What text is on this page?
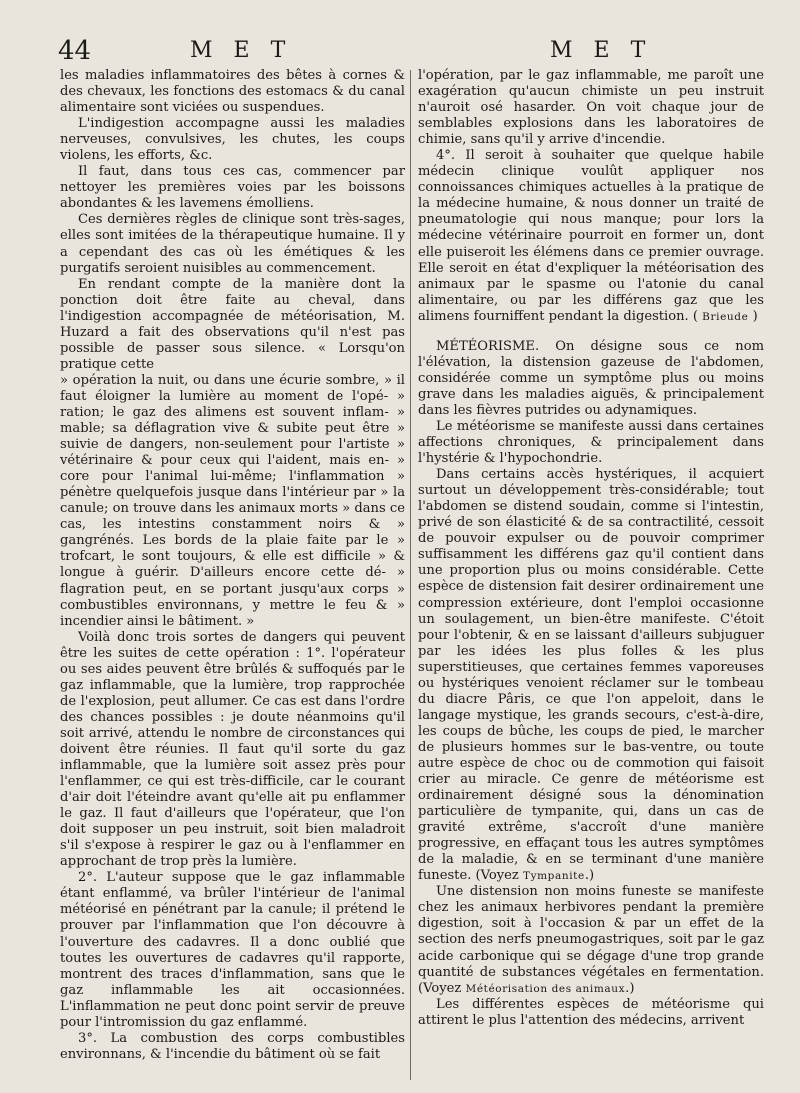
44	M E T	M E T

les maladies inflammatoires des bêtes à cornes & des chevaux, les fonctions des estomacs & du canal alimentaire sont viciées ou suspendues.

L'indigestion accompagne aussi les maladies nerveuses, convulsives, les chutes, les coups violens, les efforts, &c.

Il faut, dans tous ces cas, commencer par nettoyer les premières voies par les boissons abondantes & les lavemens émolliens.

Ces dernières règles de clinique sont très-sages, elles sont imitées de la thérapeutique humaine. Il y a cependant des cas où les émétiques & les purgatifs seroient nuisibles au commencement.

En rendant compte de la manière dont la ponction doit être faite au cheval, dans l'indigestion accompagnée de météorisation, M. Huzard a fait des observations qu'il n'est pas possible de passer sous silence. « Lorsqu'on pratique cette

» opération la nuit, ou dans une écurie sombre, » il faut éloigner la lumière au moment de l'opé- » ration; le gaz des alimens est souvent inflam- » mable; sa déflagration vive & subite peut être » suivie de dangers, non-seulement pour l'artiste » vétérinaire & pour ceux qui l'aident, mais en- » core pour l'animal lui-même; l'inflammation » pénètre quelquefois jusque dans l'intérieur par » la canule; on trouve dans les animaux morts » dans ce cas, les intestins constamment noirs & » gangrénés. Les bords de la plaie faite par le » trofcart, le sont toujours, & elle est difficile » & longue à guérir. D'ailleurs encore cette dé- » flagration peut, en se portant jusqu'aux corps » combustibles environnans, y mettre le feu & » incendier ainsi le bâtiment. »

Voilà donc trois sortes de dangers qui peuvent être les suites de cette opération : 1°. l'opérateur ou ses aides peuvent être brûlés & suffoqués par le gaz inflammable, que la lumière, trop rapprochée de l'explosion, peut allumer. Ce cas est dans l'ordre des chances possibles : je doute néanmoins qu'il soit arrivé, attendu le nombre de circonstances qui doivent être réunies. Il faut qu'il sorte du gaz inflammable, que la lumière soit assez près pour l'enflammer, ce qui est très-difficile, car le courant d'air doit l'éteindre avant qu'elle ait pu enflammer le gaz. Il faut d'ailleurs que l'opérateur, que l'on doit supposer un peu instruit, soit bien maladroit s'il s'expose à respirer le gaz ou à l'enflammer en approchant de trop près la lumière.

2°. L'auteur suppose que le gaz inflammable étant enflammé, va brûler l'intérieur de l'animal météorisé en pénétrant par la canule; il prétend le prouver par l'inflammation que l'on découvre à l'ouverture des cadavres. Il a donc oublié que toutes les ouvertures de cadavres qu'il rapporte, montrent des traces d'inflammation, sans que le gaz inflammable les ait occasionnées. L'inflammation ne peut donc point servir de preuve pour l'intromission du gaz enflammé.

3°. La combustion des corps combustibles environnans, & l'incendie du bâtiment où se fait

l'opération, par le gaz inflammable, me paroît une exagération qu'aucun chimiste un peu instruit n'auroit osé hasarder. On voit chaque jour de semblables explosions dans les laboratoires de chimie, sans qu'il y arrive d'incendie.

4°. Il seroit à souhaiter que quelque habile médecin clinique voulût appliquer nos connoissances chimiques actuelles à la pratique de la médecine humaine, & nous donner un traité de pneumatologie qui nous manque; pour lors la médecine vétérinaire pourroit en former un, dont elle puiseroit les élémens dans ce premier ouvrage. Elle seroit en état d'expliquer la météorisation des animaux par le spasme ou l'atonie du canal alimentaire, ou par les différens gaz que les alimens fourniffent pendant la digestion. ( Brieude )

MÉTÉORISME. On désigne sous ce nom l'élévation, la distension gazeuse de l'abdomen, considérée comme un symptôme plus ou moins grave dans les maladies aiguës, & principalement dans les fièvres putrides ou adynamiques.

Le météorisme se manifeste aussi dans certaines affections chroniques, & principalement dans l'hystérie & l'hypochondrie.

Dans certains accès hystériques, il acquiert surtout un développement très-considérable; tout l'abdomen se distend soudain, comme si l'intestin, privé de son élasticité & de sa contractilité, cessoit de pouvoir expulser ou de pouvoir comprimer suffisamment les différens gaz qu'il contient dans une proportion plus ou moins considérable. Cette espèce de distension fait desirer ordinairement une compression extérieure, dont l'emploi occasionne un soulagement, un bien-être manifeste. C'étoit pour l'obtenir, & en se laissant d'ailleurs subjuguer par les idées les plus folles & les plus superstitieuses, que certaines femmes vaporeuses ou hystériques venoient réclamer sur le tombeau du diacre Pâris, ce que l'on appeloit, dans le langage mystique, les grands secours, c'est-à-dire, les coups de bûche, les coups de pied, le marcher de plusieurs hommes sur le bas-ventre, ou toute autre espèce de choc ou de commotion qui faisoit crier au miracle. Ce genre de météorisme est ordinairement désigné sous la dénomination particulière de tympanite, qui, dans un cas de gravité extrême, s'accroît d'une manière progressive, en effaçant tous les autres symptômes de la maladie, & en se terminant d'une manière funeste. (Voyez Tympanite.)

Une distension non moins funeste se manifeste chez les animaux herbivores pendant la première digestion, soit à l'occasion & par un effet de la section des nerfs pneumogastriques, soit par le gaz acide carbonique qui se dégage d'une trop grande quantité de substances végétales en fermentation. (Voyez Météorisation des animaux.)

Les différentes espèces de météorisme qui attirent le plus l'attention des médecins, arrivent
